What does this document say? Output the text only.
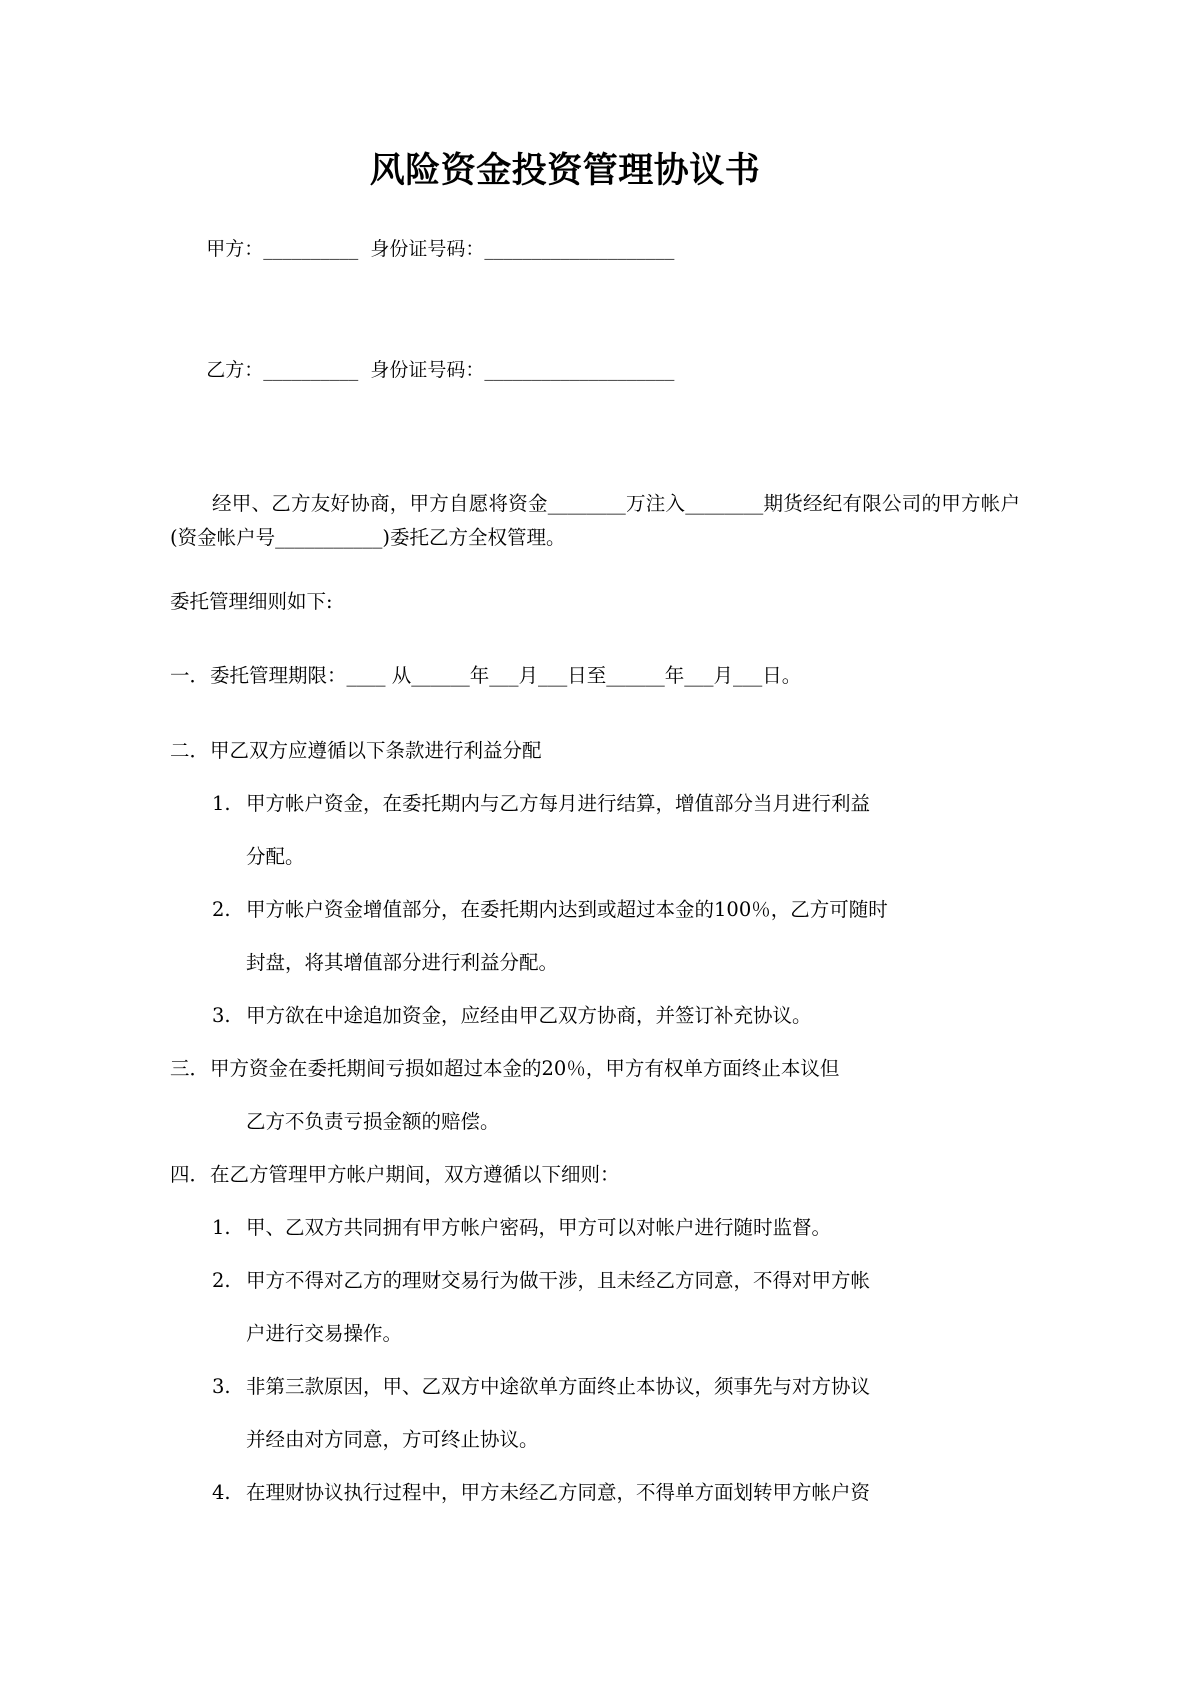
风险资金投资管理协议书

甲方：__________ 身份证号码：____________________

乙方：__________ 身份证号码：____________________

经甲、乙方友好协商，甲方自愿将资金________万注入________期货经纪有限公司的甲方帐户(资金帐户号___________)委托乙方全权管理。

委托管理细则如下:

一．委托管理期限：____ 从______年___月___日至______年___月___日。

二．甲乙双方应遵循以下条款进行利益分配

1. 甲方帐户资金，在委托期内与乙方每月进行结算，增值部分当月进行利益
分配。

2. 甲方帐户资金增值部分，在委托期内达到或超过本金的100％，乙方可随时
封盘，将其增值部分进行利益分配。

3. 甲方欲在中途追加资金，应经由甲乙双方协商，并签订补充协议。

三．甲方资金在委托期间亏损如超过本金的20％，甲方有权单方面终止本议但
乙方不负责亏损金额的赔偿。

四．在乙方管理甲方帐户期间，双方遵循以下细则：

1. 甲、乙双方共同拥有甲方帐户密码，甲方可以对帐户进行随时监督。

2. 甲方不得对乙方的理财交易行为做干涉，且未经乙方同意，不得对甲方帐
户进行交易操作。

3. 非第三款原因，甲、乙双方中途欲单方面终止本协议，须事先与对方协议
并经由对方同意，方可终止协议。

4. 在理财协议执行过程中，甲方未经乙方同意，不得单方面划转甲方帐户资
